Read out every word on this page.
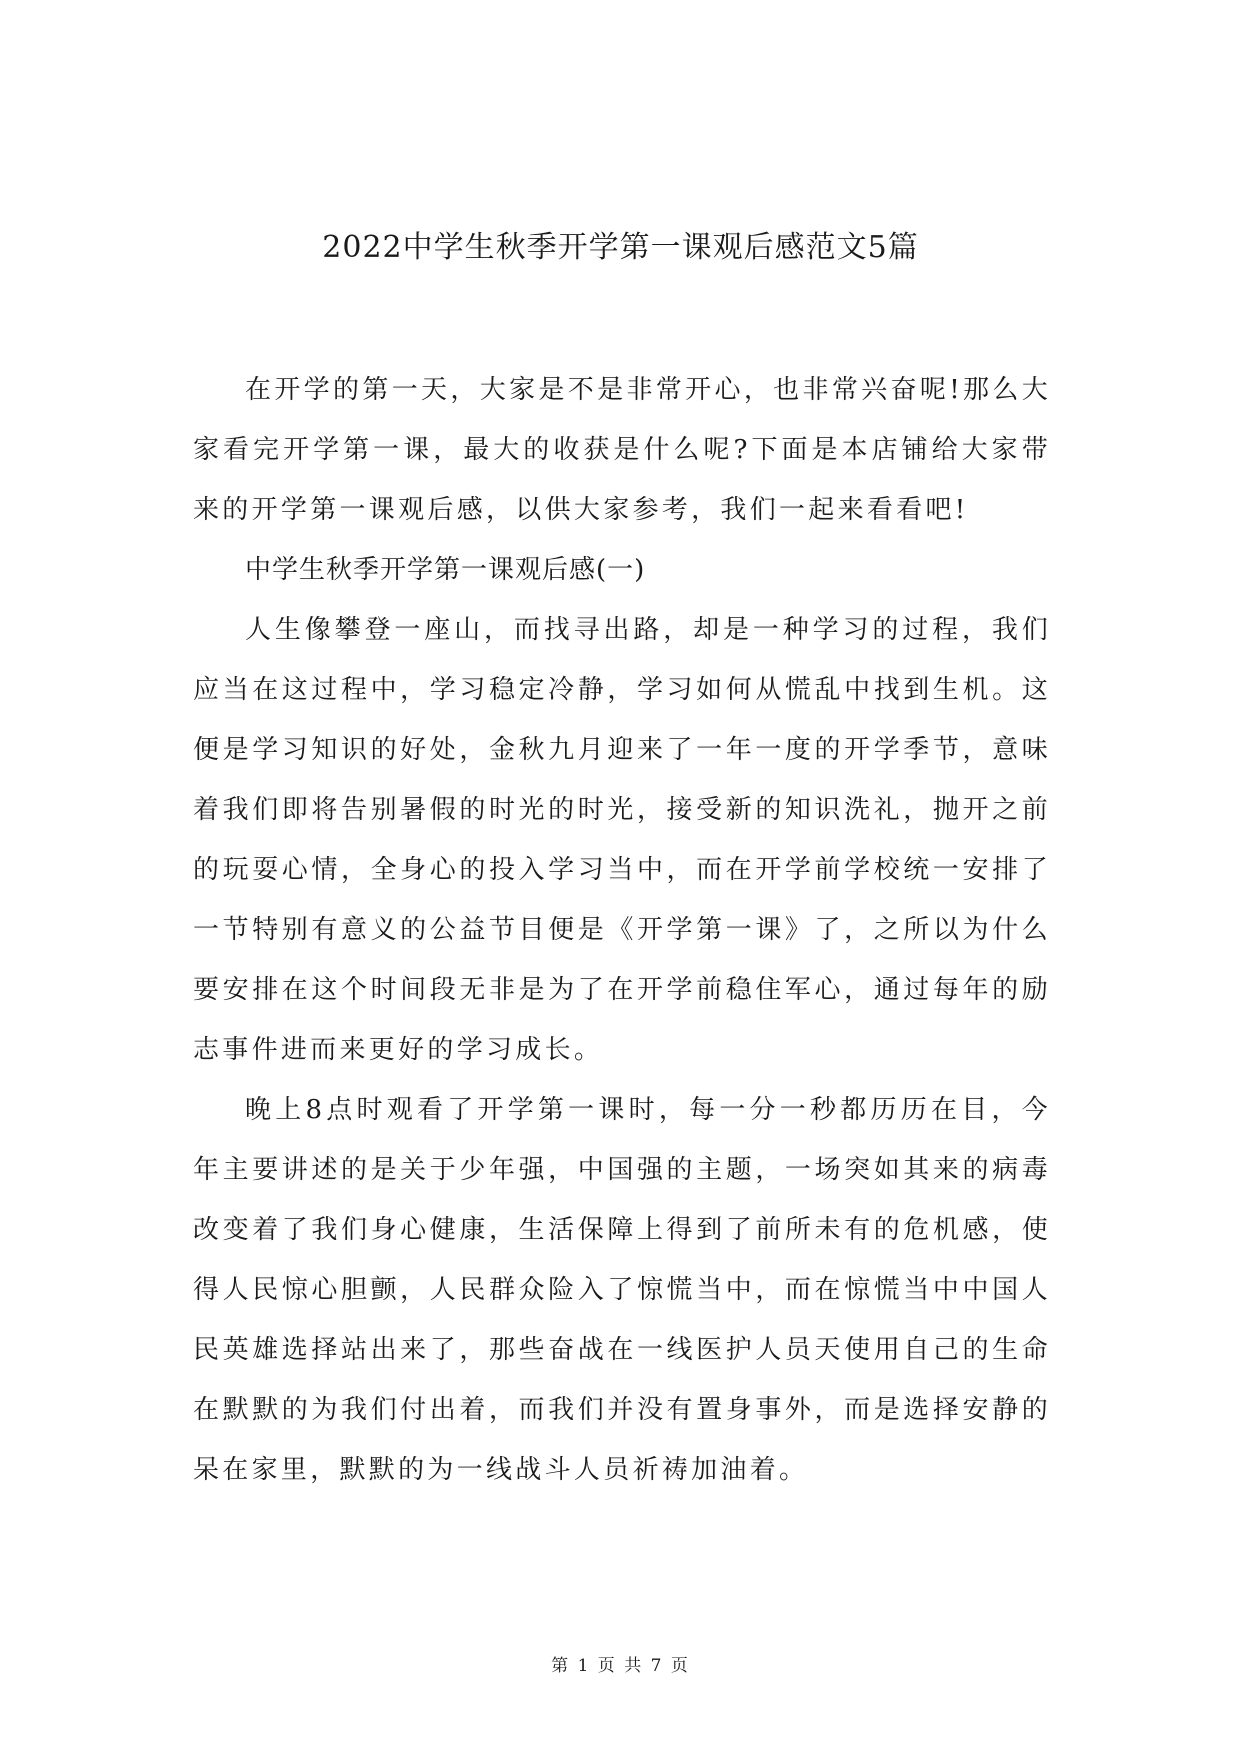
2022中学生秋季开学第一课观后感范文5篇

在开学的第一天，大家是不是非常开心，也非常兴奋呢!那么大家看完开学第一课，最大的收获是什么呢?下面是本店铺给大家带来的开学第一课观后感，以供大家参考，我们一起来看看吧!

中学生秋季开学第一课观后感(一)

人生像攀登一座山，而找寻出路，却是一种学习的过程，我们应当在这过程中，学习稳定冷静，学习如何从慌乱中找到生机。这便是学习知识的好处，金秋九月迎来了一年一度的开学季节，意味着我们即将告别暑假的时光的时光，接受新的知识洗礼，抛开之前的玩耍心情，全身心的投入学习当中，而在开学前学校统一安排了一节特别有意义的公益节目便是《开学第一课》了，之所以为什么要安排在这个时间段无非是为了在开学前稳住军心，通过每年的励志事件进而来更好的学习成长。

晚上8点时观看了开学第一课时，每一分一秒都历历在目，今年主要讲述的是关于少年强，中国强的主题，一场突如其来的病毒改变着了我们身心健康，生活保障上得到了前所未有的危机感，使得人民惊心胆颤，人民群众险入了惊慌当中，而在惊慌当中中国人民英雄选择站出来了，那些奋战在一线医护人员天使用自己的生命在默默的为我们付出着，而我们并没有置身事外，而是选择安静的呆在家里，默默的为一线战斗人员祈祷加油着。

第 1 页 共 7 页
